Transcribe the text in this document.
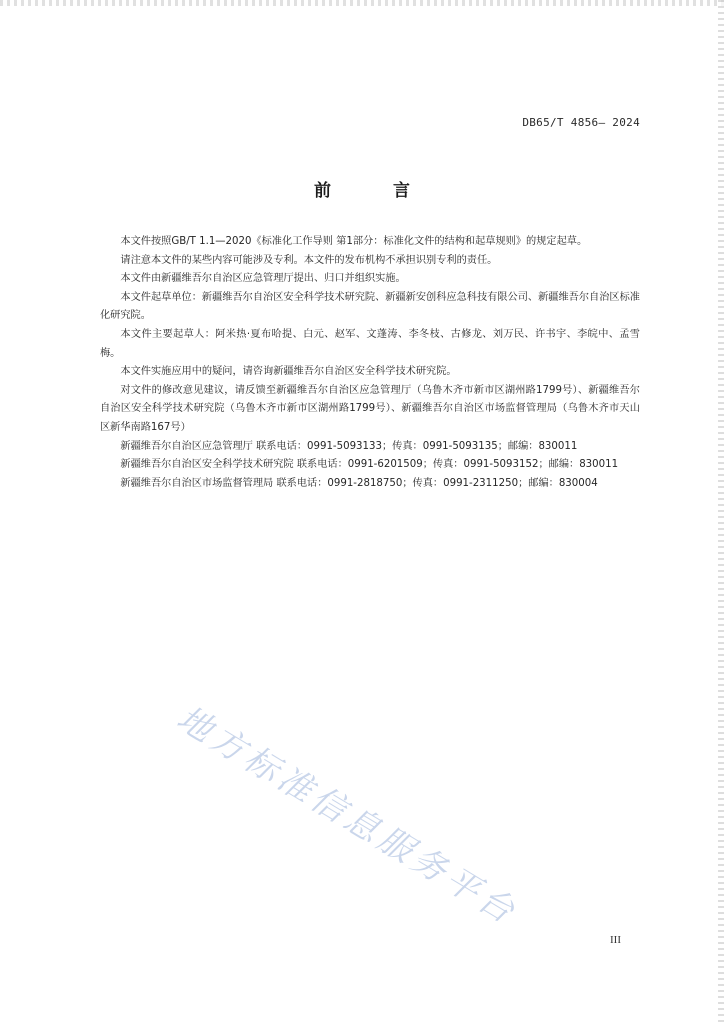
DB65/T 4856— 2024
前 言

本文件按照GB/T 1.1—2020《标准化工作导则 第1部分：标准化文件的结构和起草规则》的规定起草。

请注意本文件的某些内容可能涉及专利。本文件的发布机构不承担识别专利的责任。

本文件由新疆维吾尔自治区应急管理厅提出、归口并组织实施。

本文件起草单位：新疆维吾尔自治区安全科学技术研究院、新疆新安创科应急科技有限公司、新疆维吾尔自治区标准化研究院。

本文件主要起草人：阿米热·夏布哈提、白元、赵军、文蓬涛、李冬枝、古修龙、刘万民、许书宇、李皖中、孟雪梅。

本文件实施应用中的疑问，请咨询新疆维吾尔自治区安全科学技术研究院。

对文件的修改意见建议，请反馈至新疆维吾尔自治区应急管理厅（乌鲁木齐市新市区湖州路1799号）、新疆维吾尔自治区安全科学技术研究院（乌鲁木齐市新市区湖州路1799号）、新疆维吾尔自治区市场监督管理局（乌鲁木齐市天山区新华南路167号）

新疆维吾尔自治区应急管理厅 联系电话：0991-5093133；传真：0991-5093135；邮编：830011

新疆维吾尔自治区安全科学技术研究院 联系电话：0991-6201509；传真：0991-5093152；邮编：830011

新疆维吾尔自治区市场监督管理局 联系电话：0991-2818750；传真：0991-2311250；邮编：830004

地方标准信息服务平台
III
